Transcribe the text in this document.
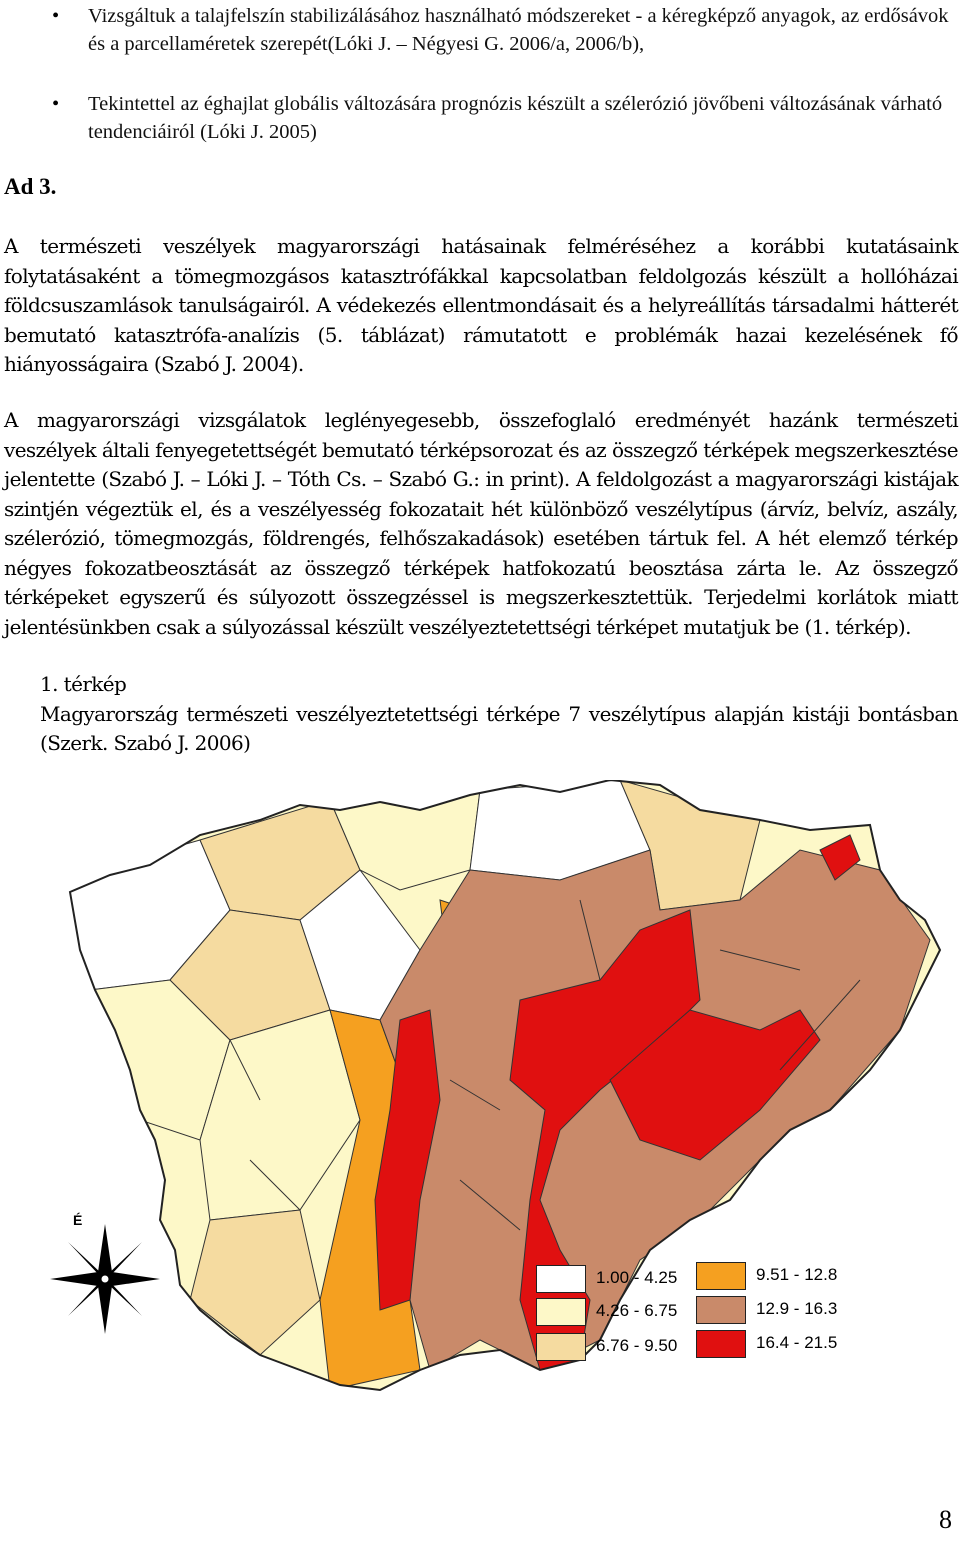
•	Vizsgáltuk a talajfelszín stabilizálásához használható módszereket - a kéregképző anyagok, az erdősávok és a parcellaméretek szerepét(Lóki J. – Négyesi G. 2006/a, 2006/b),
•	Tekintettel az éghajlat globális változására prognózis készült a szélerózió jövőbeni változásának várható tendenciáiról (Lóki J. 2005)
Ad 3.
A természeti veszélyek magyarországi hatásainak felméréséhez a korábbi kutatásaink folytatásaként a tömegmozgásos katasztrófákkal kapcsolatban feldolgozás készült a hollóházai földcsuszamlások tanulságairól. A védekezés ellentmondásait és a helyreállítás társadalmi hátterét bemutató katasztrófa-analízis (5. táblázat) rámutatott e problémák hazai kezelésének fő hiányosságaira (Szabó J. 2004).
A magyarországi vizsgálatok leglényegesebb, összefoglaló eredményét hazánk természeti veszélyek általi fenyegetettségét bemutató térképsorozat és az összegző térképek megszerkesztése jelentette (Szabó J. – Lóki J. – Tóth Cs. – Szabó G.: in print). A feldolgozást a magyarországi kistájak szintjén végeztük el, és a veszélyesség fokozatait hét különböző veszélytípus (árvíz, belvíz, aszály, szélerózió, tömegmozgás, földrengés, felhőszakadások) esetében tártuk fel. A hét elemző térkép négyes fokozatbeosztását az összegző térképek hatfokozatú beosztása zárta le. Az összegző térképeket egyszerű és súlyozott összegzéssel is megszerkesztettük. Terjedelmi korlátok miatt jelentésünkben csak a súlyozással készült veszélyeztetettségi térképet mutatjuk be (1. térkép).
1. térkép
Magyarország természeti veszélyeztetettségi térképe 7 veszélytípus alapján kistáji bontásban (Szerk. Szabó J. 2006)
É
1.00 - 4.25
4.26 - 6.75
6.76 - 9.50
9.51 - 12.8
12.9 - 16.3
16.4 - 21.5
8
